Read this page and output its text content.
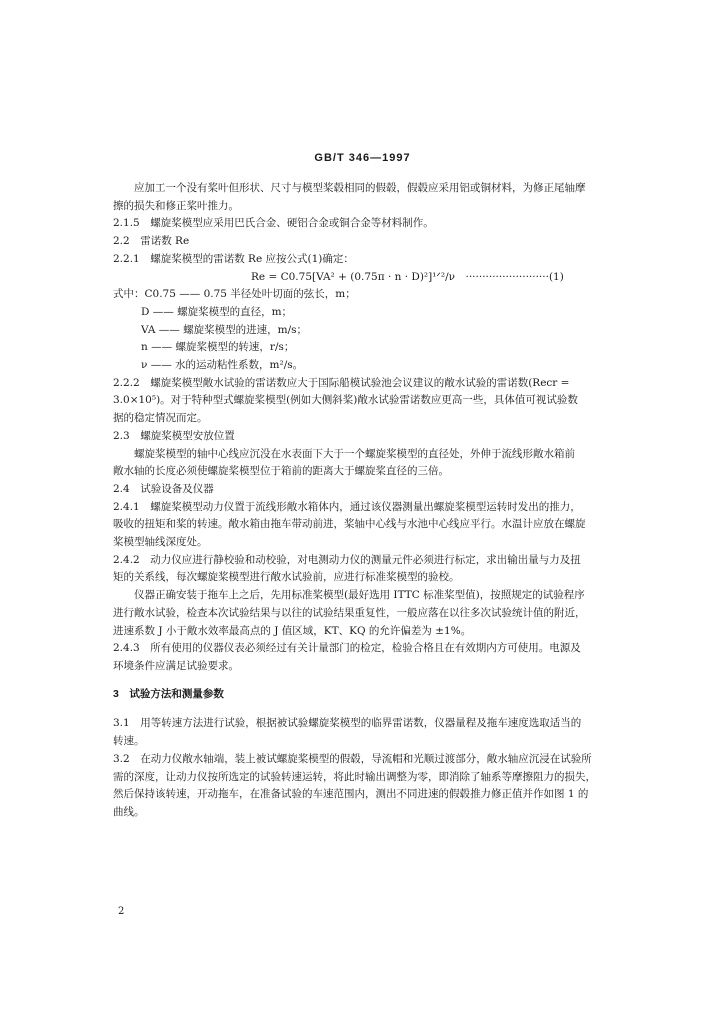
GB/T 346—1997
应加工一个没有桨叶但形状、尺寸与模型桨毂相同的假毂，假毂应采用铝或铜材料，为修正尾轴摩
擦的损失和修正桨叶推力。
2.1.5　螺旋桨模型应采用巴氏合金、硬铝合金或铜合金等材料制作。
2.2　雷诺数 Re
2.2.1　螺旋桨模型的雷诺数 Re 应按公式(1)确定：
Re = C0.75[VA² + (0.75π · n · D)²]¹ᐟ²/ν　·························(1)
式中：C0.75 —— 0.75 半径处叶切面的弦长，m；
D —— 螺旋桨模型的直径，m；
VA —— 螺旋桨模型的进速，m/s；
n —— 螺旋桨模型的转速，r/s；
ν —— 水的运动粘性系数，m²/s。
2.2.2　螺旋桨模型敞水试验的雷诺数应大于国际船模试验池会议建议的敞水试验的雷诺数(Recr =
3.0×10⁵)。对于特种型式螺旋桨模型(例如大侧斜桨)敞水试验雷诺数应更高一些，具体值可视试验数
据的稳定情况而定。
2.3　螺旋桨模型安放位置
螺旋桨模型的轴中心线应沉没在水表面下大于一个螺旋桨模型的直径处，外伸于流线形敞水箱前
敞水轴的长度必须使螺旋桨模型位于箱前的距离大于螺旋桨直径的三倍。
2.4　试验设备及仪器
2.4.1　螺旋桨模型动力仪置于流线形敞水箱体内，通过该仪器测量出螺旋桨模型运转时发出的推力，
吸收的扭矩和桨的转速。敞水箱由拖车带动前进，桨轴中心线与水池中心线应平行。水温计应放在螺旋
桨模型轴线深度处。
2.4.2　动力仪应进行静校验和动校验，对电测动力仪的测量元件必须进行标定，求出输出量与力及扭
矩的关系线，每次螺旋桨模型进行敞水试验前，应进行标准桨模型的验校。
仪器正确安装于拖车上之后，先用标准桨模型(最好选用 ITTC 标准桨型值)，按照规定的试验程序
进行敞水试验，检查本次试验结果与以往的试验结果重复性，一般应落在以往多次试验统计值的附近，
进速系数 J 小于敞水效率最高点的 J 值区域，KT、KQ 的允许偏差为 ±1%。
2.4.3　所有使用的仪器仪表必须经过有关计量部门的检定，检验合格且在有效期内方可使用。电源及
环境条件应满足试验要求。
3　试验方法和测量参数
3.1　用等转速方法进行试验，根据被试验螺旋桨模型的临界雷诺数，仪器量程及拖车速度选取适当的
转速。
3.2　在动力仪敞水轴端，装上被试螺旋桨模型的假毂，导流帽和光顺过渡部分，敞水轴应沉浸在试验所
需的深度，让动力仪按所选定的试验转速运转，将此时输出调整为零，即消除了轴系等摩擦阻力的损失，
然后保持该转速，开动拖车，在准备试验的车速范围内，测出不同进速的假毂推力修正值并作如图 1 的
曲线。
2
